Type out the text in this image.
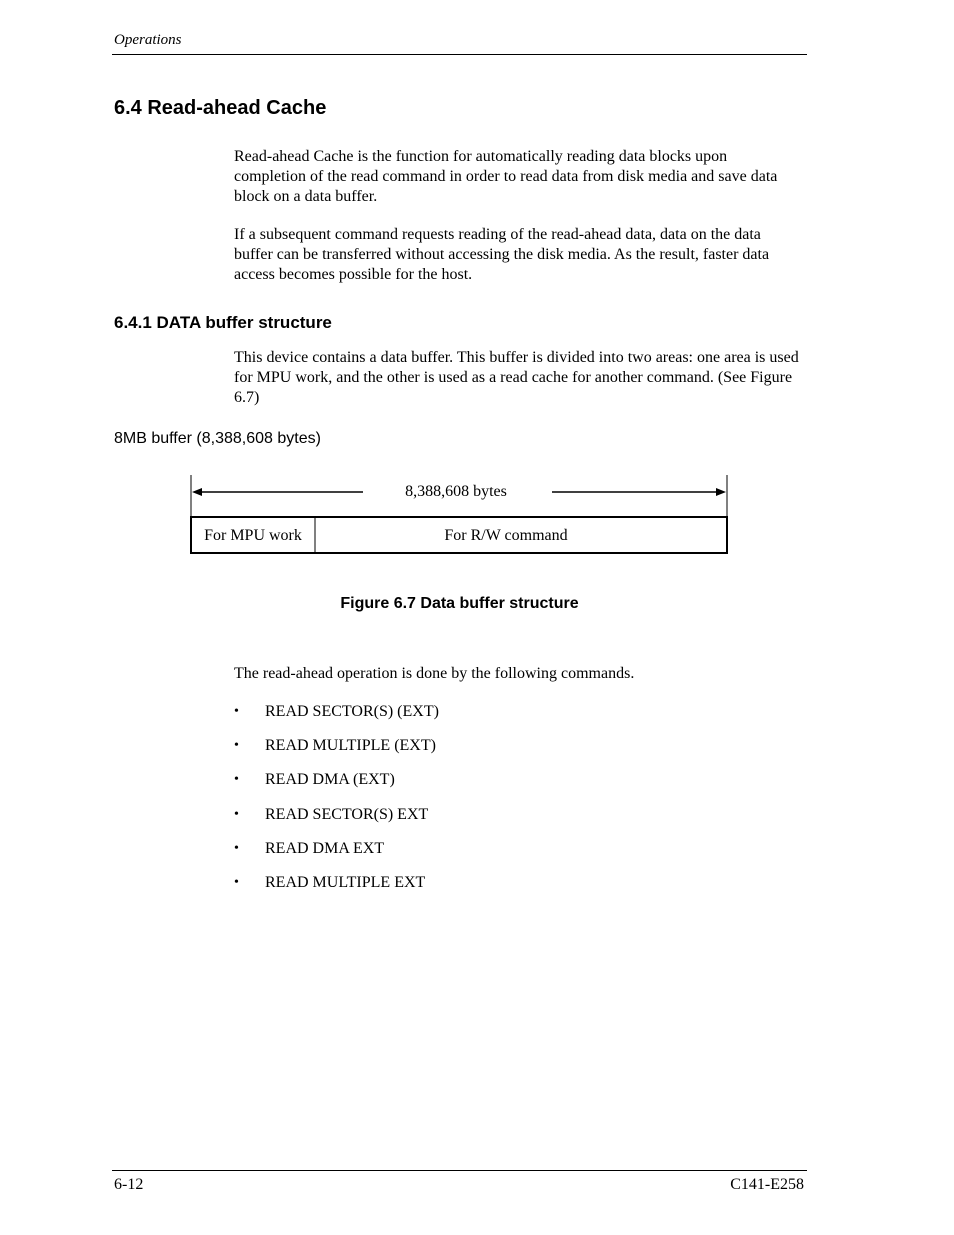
Operations
6.4 Read-ahead Cache

Read-ahead Cache is the function for automatically reading data blocks upon completion of the read command in order to read data from disk media and save data block on a data buffer.

If a subsequent command requests reading of the read-ahead data, data on the data buffer can be transferred without accessing the disk media. As the result, faster data access becomes possible for the host.

6.4.1 DATA buffer structure

This device contains a data buffer. This buffer is divided into two areas: one area is used for MPU work, and the other is used as a read cache for another command. (See Figure 6.7)

8MB buffer (8,388,608 bytes)
8,388,608 bytes
For MPU work	For R/W command
Figure 6.7 Data buffer structure

The read-ahead operation is done by the following commands.

• READ SECTOR(S) (EXT)
• READ MULTIPLE (EXT)
• READ DMA (EXT)
• READ SECTOR(S) EXT
• READ DMA EXT
• READ MULTIPLE EXT
6-12	C141-E258
